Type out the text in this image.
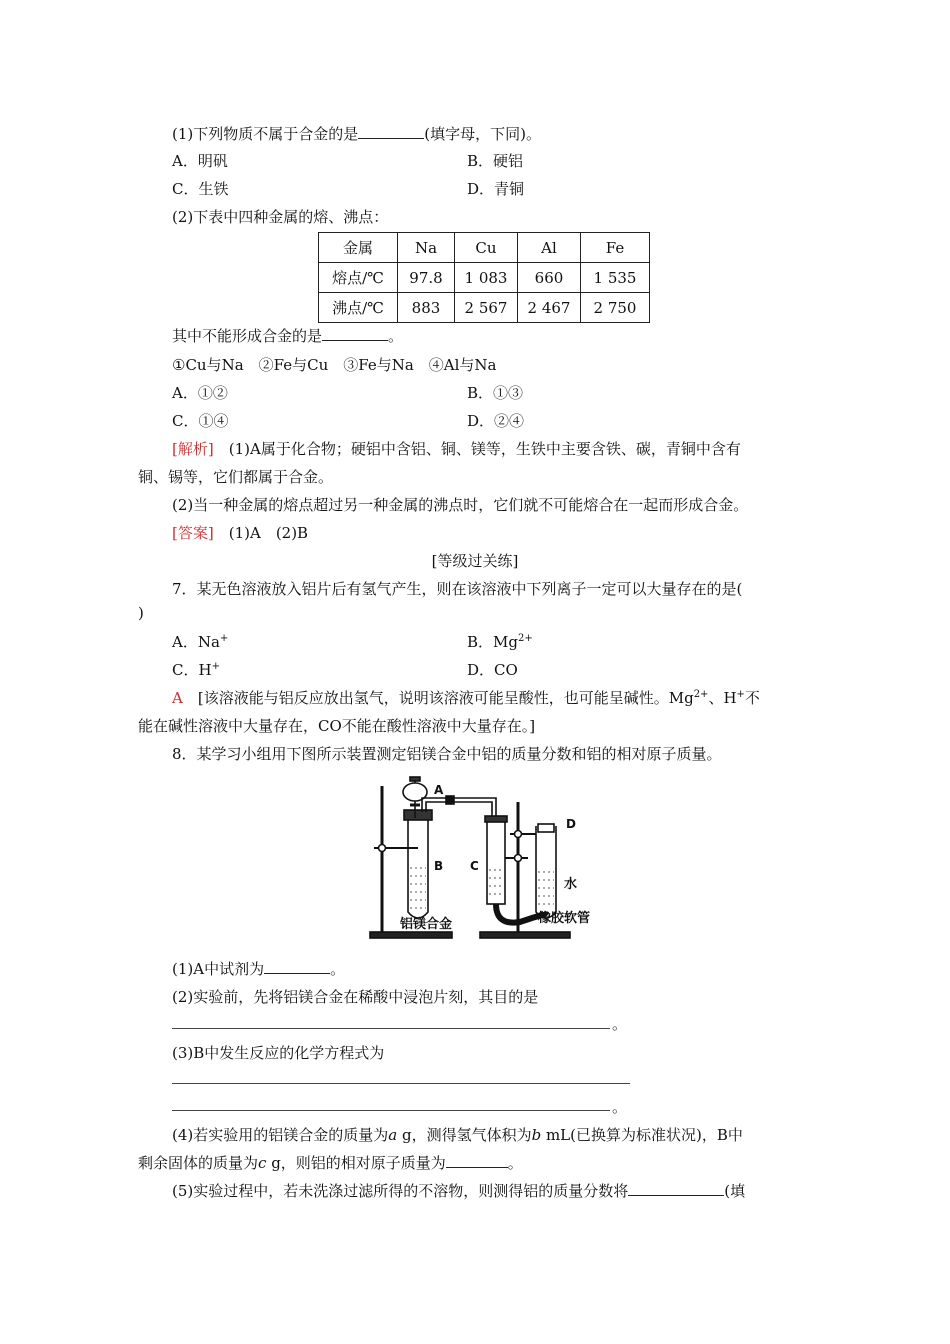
(1)下列物质不属于合金的是	(填字母，下同)。
A．明矾	B．硬铝
C．生铁	D．青铜
(2)下表中四种金属的熔、沸点：
金属	Na	Cu	Al	Fe
熔点/℃	97.8	1 083	660	1 535
沸点/℃	883	2 567	2 467	2 750
其中不能形成合金的是	。
①Cu与Na　②Fe与Cu　③Fe与Na　④Al与Na
A．①②	B．①③
C．①④	D．②④
[解析]　 (1)A属于化合物；硬铝中含铝、铜、镁等，生铁中主要含铁、碳，青铜中含有
铜、锡等，它们都属于合金。
(2)当一种金属的熔点超过另一种金属的沸点时，它们就不可能熔合在一起而形成合金。
[答案]　 (1)A　(2)B
[等级过关练]
7．某无色溶液放入铝片后有氢气产生，则在该溶液中下列离子一定可以大量存在的是(
)
A．Na+	B．$Mg^{2+}$
C．H+	D．CO
A　 [该溶液能与铝反应放出氢气，说明该溶液可能呈酸性，也可能呈碱性。$Mg^{2+}$、H+不
能在碱性溶液中大量存在，CO不能在酸性溶液中大量存在。]
8．某学习小组用下图所示装置测定铝镁合金中铝的质量分数和铝的相对原子质量。
A
B C
D
水
橡胶软管
铝镁合金
(1)A中试剂为	。
(2)实验前，先将铝镁合金在稀酸中浸泡片刻，其目的是
。
(3)B中发生反应的化学方程式为
。
(4)若实验用的铝镁合金的质量为a g，测得氢气体积为b mL(已换算为标准状况)，B中
剩余固体的质量为c g，则铝的相对原子质量为	。
(5)实验过程中，若未洗涤过滤所得的不溶物，则测得铝的质量分数将	(填
